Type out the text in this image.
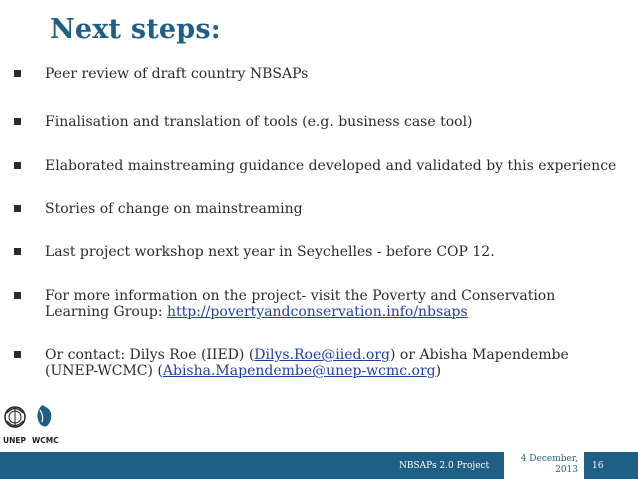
Next steps:
Peer review of draft country NBSAPs
Finalisation and translation of tools (e.g. business case tool)
Elaborated mainstreaming guidance developed and validated by this experience
Stories of change on mainstreaming
Last project workshop next year in Seychelles - before COP 12.
For more information on the project- visit the Poverty and Conservation
Learning Group: http://povertyandconservation.info/nbsaps
Or contact: Dilys Roe (IIED) (Dilys.Roe@iied.org) or Abisha Mapendembe
(UNEP-WCMC) (Abisha.Mapendembe@unep-wcmc.org)
UNEP WCMC
NBSAPs 2.0 Project
4 December,
2013 16
